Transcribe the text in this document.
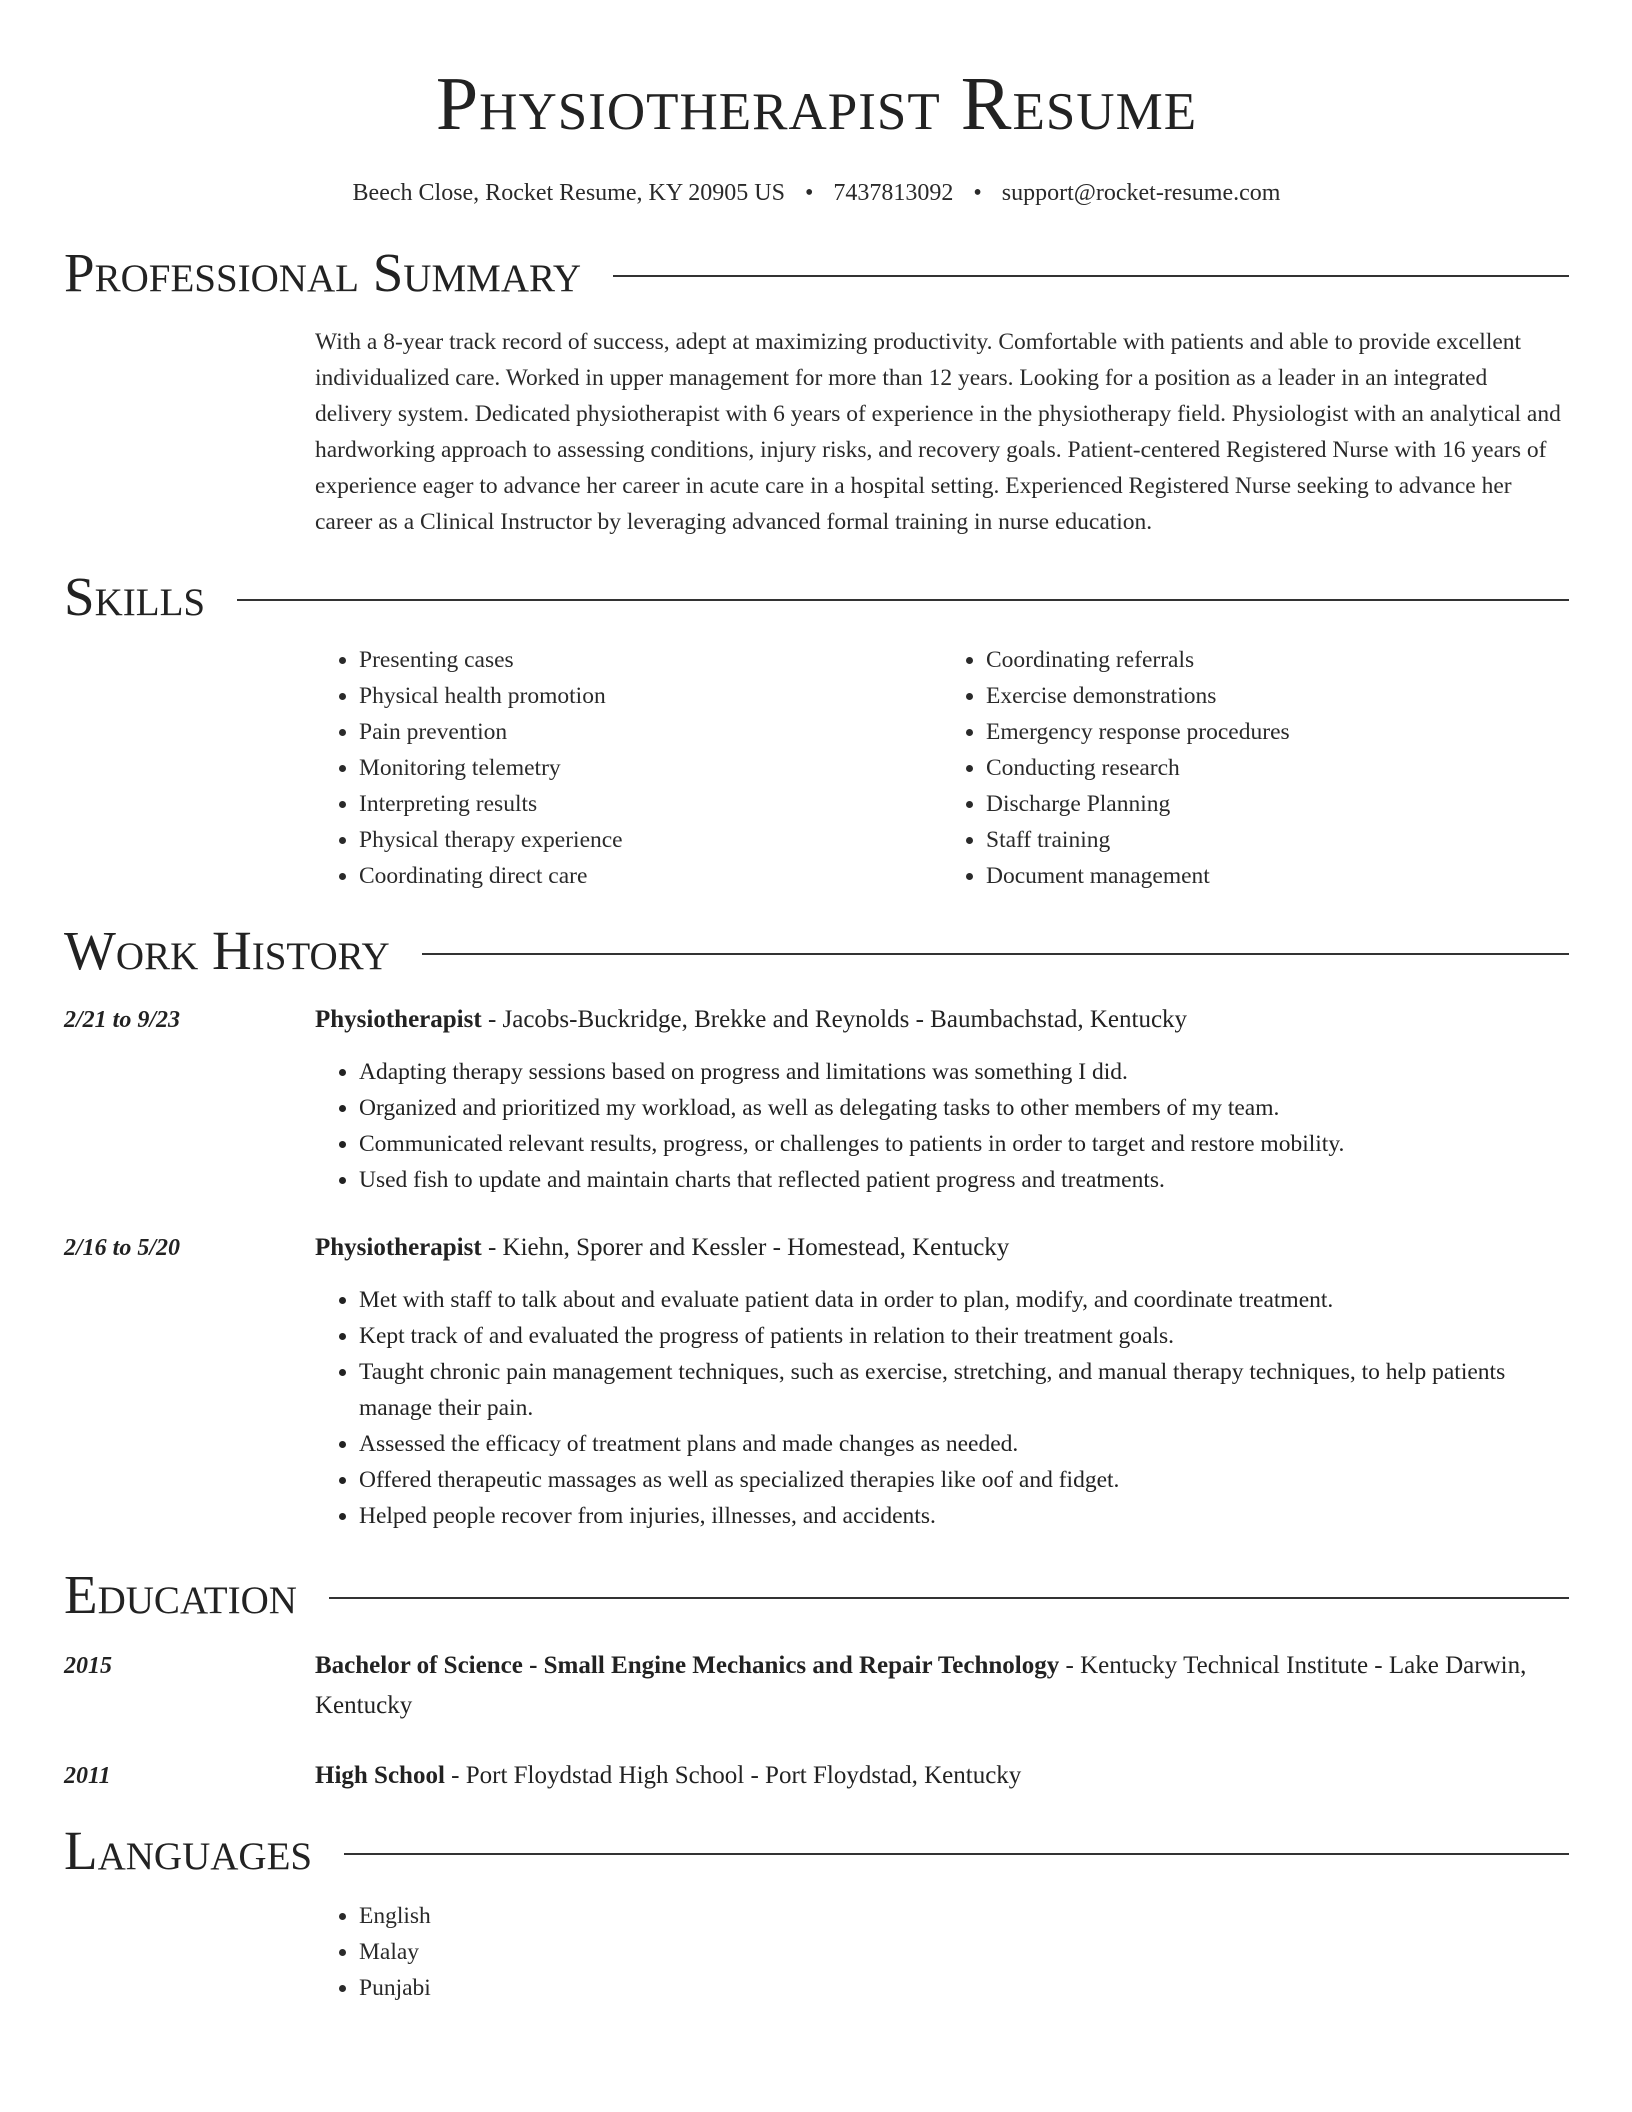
Physiotherapist Resume
Beech Close, Rocket Resume, KY 20905 US • 7437813092 • support@rocket-resume.com
Professional Summary
With a 8-year track record of success, adept at maximizing productivity. Comfortable with patients and able to provide excellent individualized care. Worked in upper management for more than 12 years. Looking for a position as a leader in an integrated delivery system. Dedicated physiotherapist with 6 years of experience in the physiotherapy field. Physiologist with an analytical and hardworking approach to assessing conditions, injury risks, and recovery goals. Patient-centered Registered Nurse with 16 years of experience eager to advance her career in acute care in a hospital setting. Experienced Registered Nurse seeking to advance her career as a Clinical Instructor by leveraging advanced formal training in nurse education.
Skills
• Presenting cases
• Physical health promotion
• Pain prevention
• Monitoring telemetry
• Interpreting results
• Physical therapy experience
• Coordinating direct care
• Coordinating referrals
• Exercise demonstrations
• Emergency response procedures
• Conducting research
• Discharge Planning
• Staff training
• Document management
Work History
2/21 to 9/23	Physiotherapist - Jacobs-Buckridge, Brekke and Reynolds - Baumbachstad, Kentucky
• Adapting therapy sessions based on progress and limitations was something I did.
• Organized and prioritized my workload, as well as delegating tasks to other members of my team.
• Communicated relevant results, progress, or challenges to patients in order to target and restore mobility.
• Used fish to update and maintain charts that reflected patient progress and treatments.
2/16 to 5/20	Physiotherapist - Kiehn, Sporer and Kessler - Homestead, Kentucky
• Met with staff to talk about and evaluate patient data in order to plan, modify, and coordinate treatment.
• Kept track of and evaluated the progress of patients in relation to their treatment goals.
• Taught chronic pain management techniques, such as exercise, stretching, and manual therapy techniques, to help patients manage their pain.
• Assessed the efficacy of treatment plans and made changes as needed.
• Offered therapeutic massages as well as specialized therapies like oof and fidget.
• Helped people recover from injuries, illnesses, and accidents.
Education
2015	Bachelor of Science - Small Engine Mechanics and Repair Technology - Kentucky Technical Institute - Lake Darwin, Kentucky
2011	High School - Port Floydstad High School - Port Floydstad, Kentucky
Languages
• English
• Malay
• Punjabi
